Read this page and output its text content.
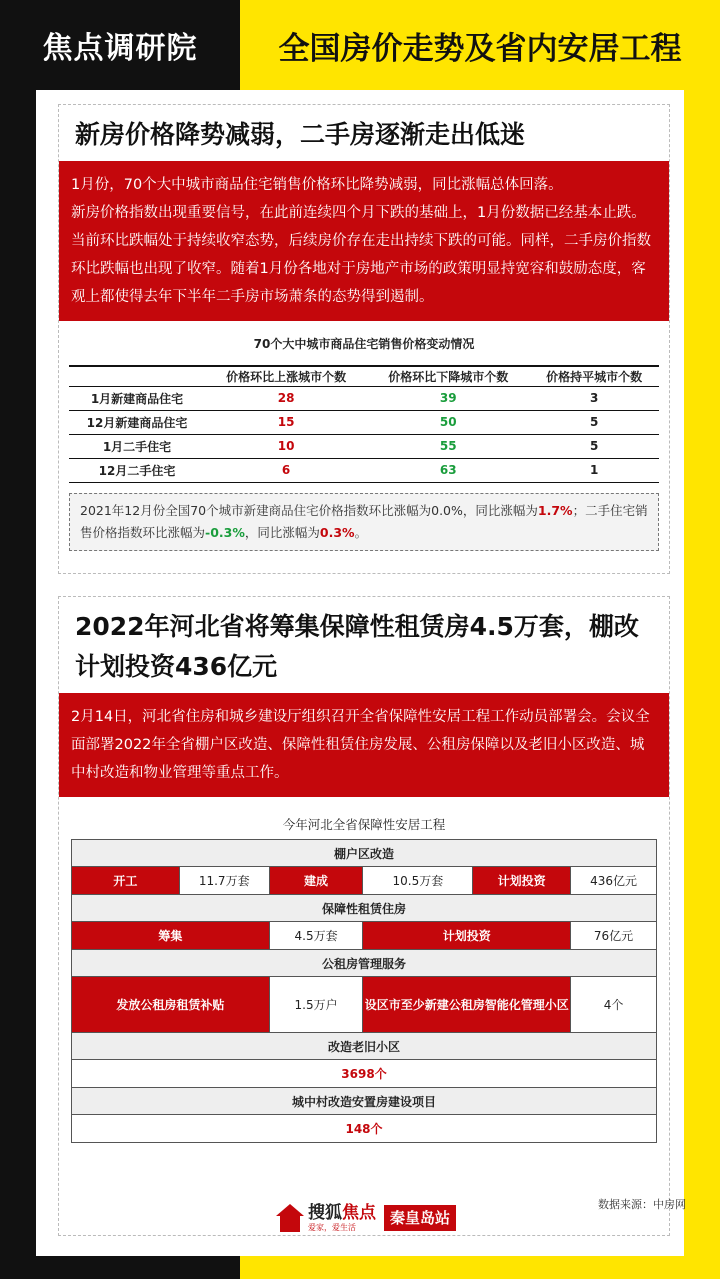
焦点调研院	全国房价走势及省内安居工程
新房价格降势减弱，二手房逐渐走出低迷

1月份，70个大中城市商品住宅销售价格环比降势减弱，同比涨幅总体回落。

新房价格指数出现重要信号，在此前连续四个月下跌的基础上，1月份数据已经基本止跌。当前环比跌幅处于持续收窄态势，后续房价存在走出持续下跌的可能。同样，二手房价指数环比跌幅也出现了收窄。随着1月份各地对于房地产市场的政策明显持宽容和鼓励态度，客观上都使得去年下半年二手房市场萧条的态势得到遏制。

70个大中城市商品住宅销售价格变动情况
	价格环比上涨城市个数	价格环比下降城市个数	价格持平城市个数
1月新建商品住宅	28	39	3
12月新建商品住宅	15	50	5
1月二手住宅	10	55	5
12月二手住宅	6	63	1
2021年12月份全国70个城市新建商品住宅价格指数环比涨幅为0.0%，同比涨幅为1.7%；二手住宅销售价格指数环比涨幅为-0.3%，同比涨幅为0.3%。
2022年河北省将筹集保障性租赁房4.5万套，棚改计划投资436亿元

2月14日，河北省住房和城乡建设厅组织召开全省保障性安居工程工作动员部署会。会议全面部署2022年全省棚户区改造、保障性租赁住房发展、公租房保障以及老旧小区改造、城中村改造和物业管理等重点工作。

今年河北全省保障性安居工程
棚户区改造					
开工	11.7万套	建成	10.5万套	计划投资	436亿元
保障性租赁住房					
筹集		4.5万套	计划投资		76亿元
公租房管理服务					
发放公租房租赁补贴		1.5万户	设区市至少新建公租房智能化管理小区		4个
改造老旧小区					
3698个					
城中村改造安置房建设项目					
148个					
数据来源：中房网
搜狐焦点
爱家，爱生活
秦皇岛站
